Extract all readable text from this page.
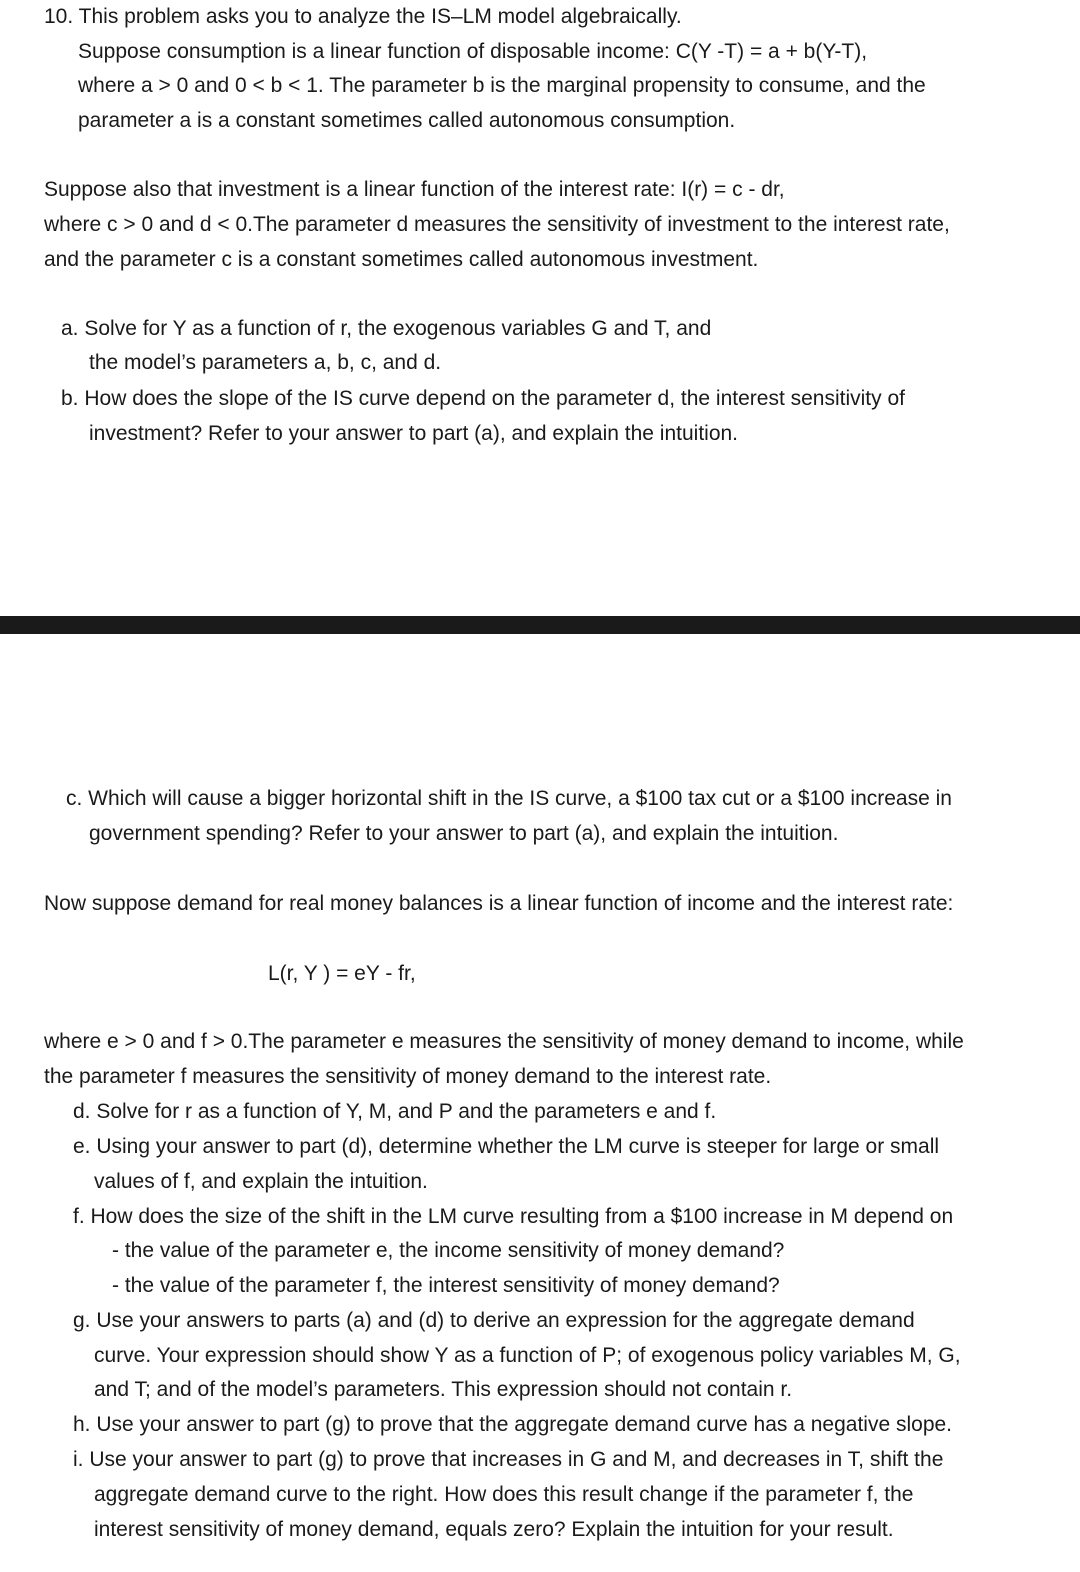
10. This problem asks you to analyze the IS–LM model algebraically.
Suppose consumption is a linear function of disposable income: C(Y -T) = a + b(Y-T),
where a > 0 and 0 < b < 1. The parameter b is the marginal propensity to consume, and the
parameter a is a constant sometimes called autonomous consumption.
Suppose also that investment is a linear function of the interest rate: I(r) = c - dr,
where c > 0 and d < 0.The parameter d measures the sensitivity of investment to the interest rate,
and the parameter c is a constant sometimes called autonomous investment.
a. Solve for Y as a function of r, the exogenous variables G and T, and
the model’s parameters a, b, c, and d.
b. How does the slope of the IS curve depend on the parameter d, the interest sensitivity of
investment? Refer to your answer to part (a), and explain the intuition.
c. Which will cause a bigger horizontal shift in the IS curve, a $100 tax cut or a $100 increase in
government spending? Refer to your answer to part (a), and explain the intuition.
Now suppose demand for real money balances is a linear function of income and the interest rate:
L(r, Y ) = eY - fr,
where e > 0 and f > 0.The parameter e measures the sensitivity of money demand to income, while
the parameter f measures the sensitivity of money demand to the interest rate.
d. Solve for r as a function of Y, M, and P and the parameters e and f.
e. Using your answer to part (d), determine whether the LM curve is steeper for large or small
values of f, and explain the intuition.
f. How does the size of the shift in the LM curve resulting from a $100 increase in M depend on
- the value of the parameter e, the income sensitivity of money demand?
- the value of the parameter f, the interest sensitivity of money demand?
g. Use your answers to parts (a) and (d) to derive an expression for the aggregate demand
curve. Your expression should show Y as a function of P; of exogenous policy variables M, G,
and T; and of the model’s parameters. This expression should not contain r.
h. Use your answer to part (g) to prove that the aggregate demand curve has a negative slope.
i. Use your answer to part (g) to prove that increases in G and M, and decreases in T, shift the
aggregate demand curve to the right. How does this result change if the parameter f, the
interest sensitivity of money demand, equals zero? Explain the intuition for your result.
